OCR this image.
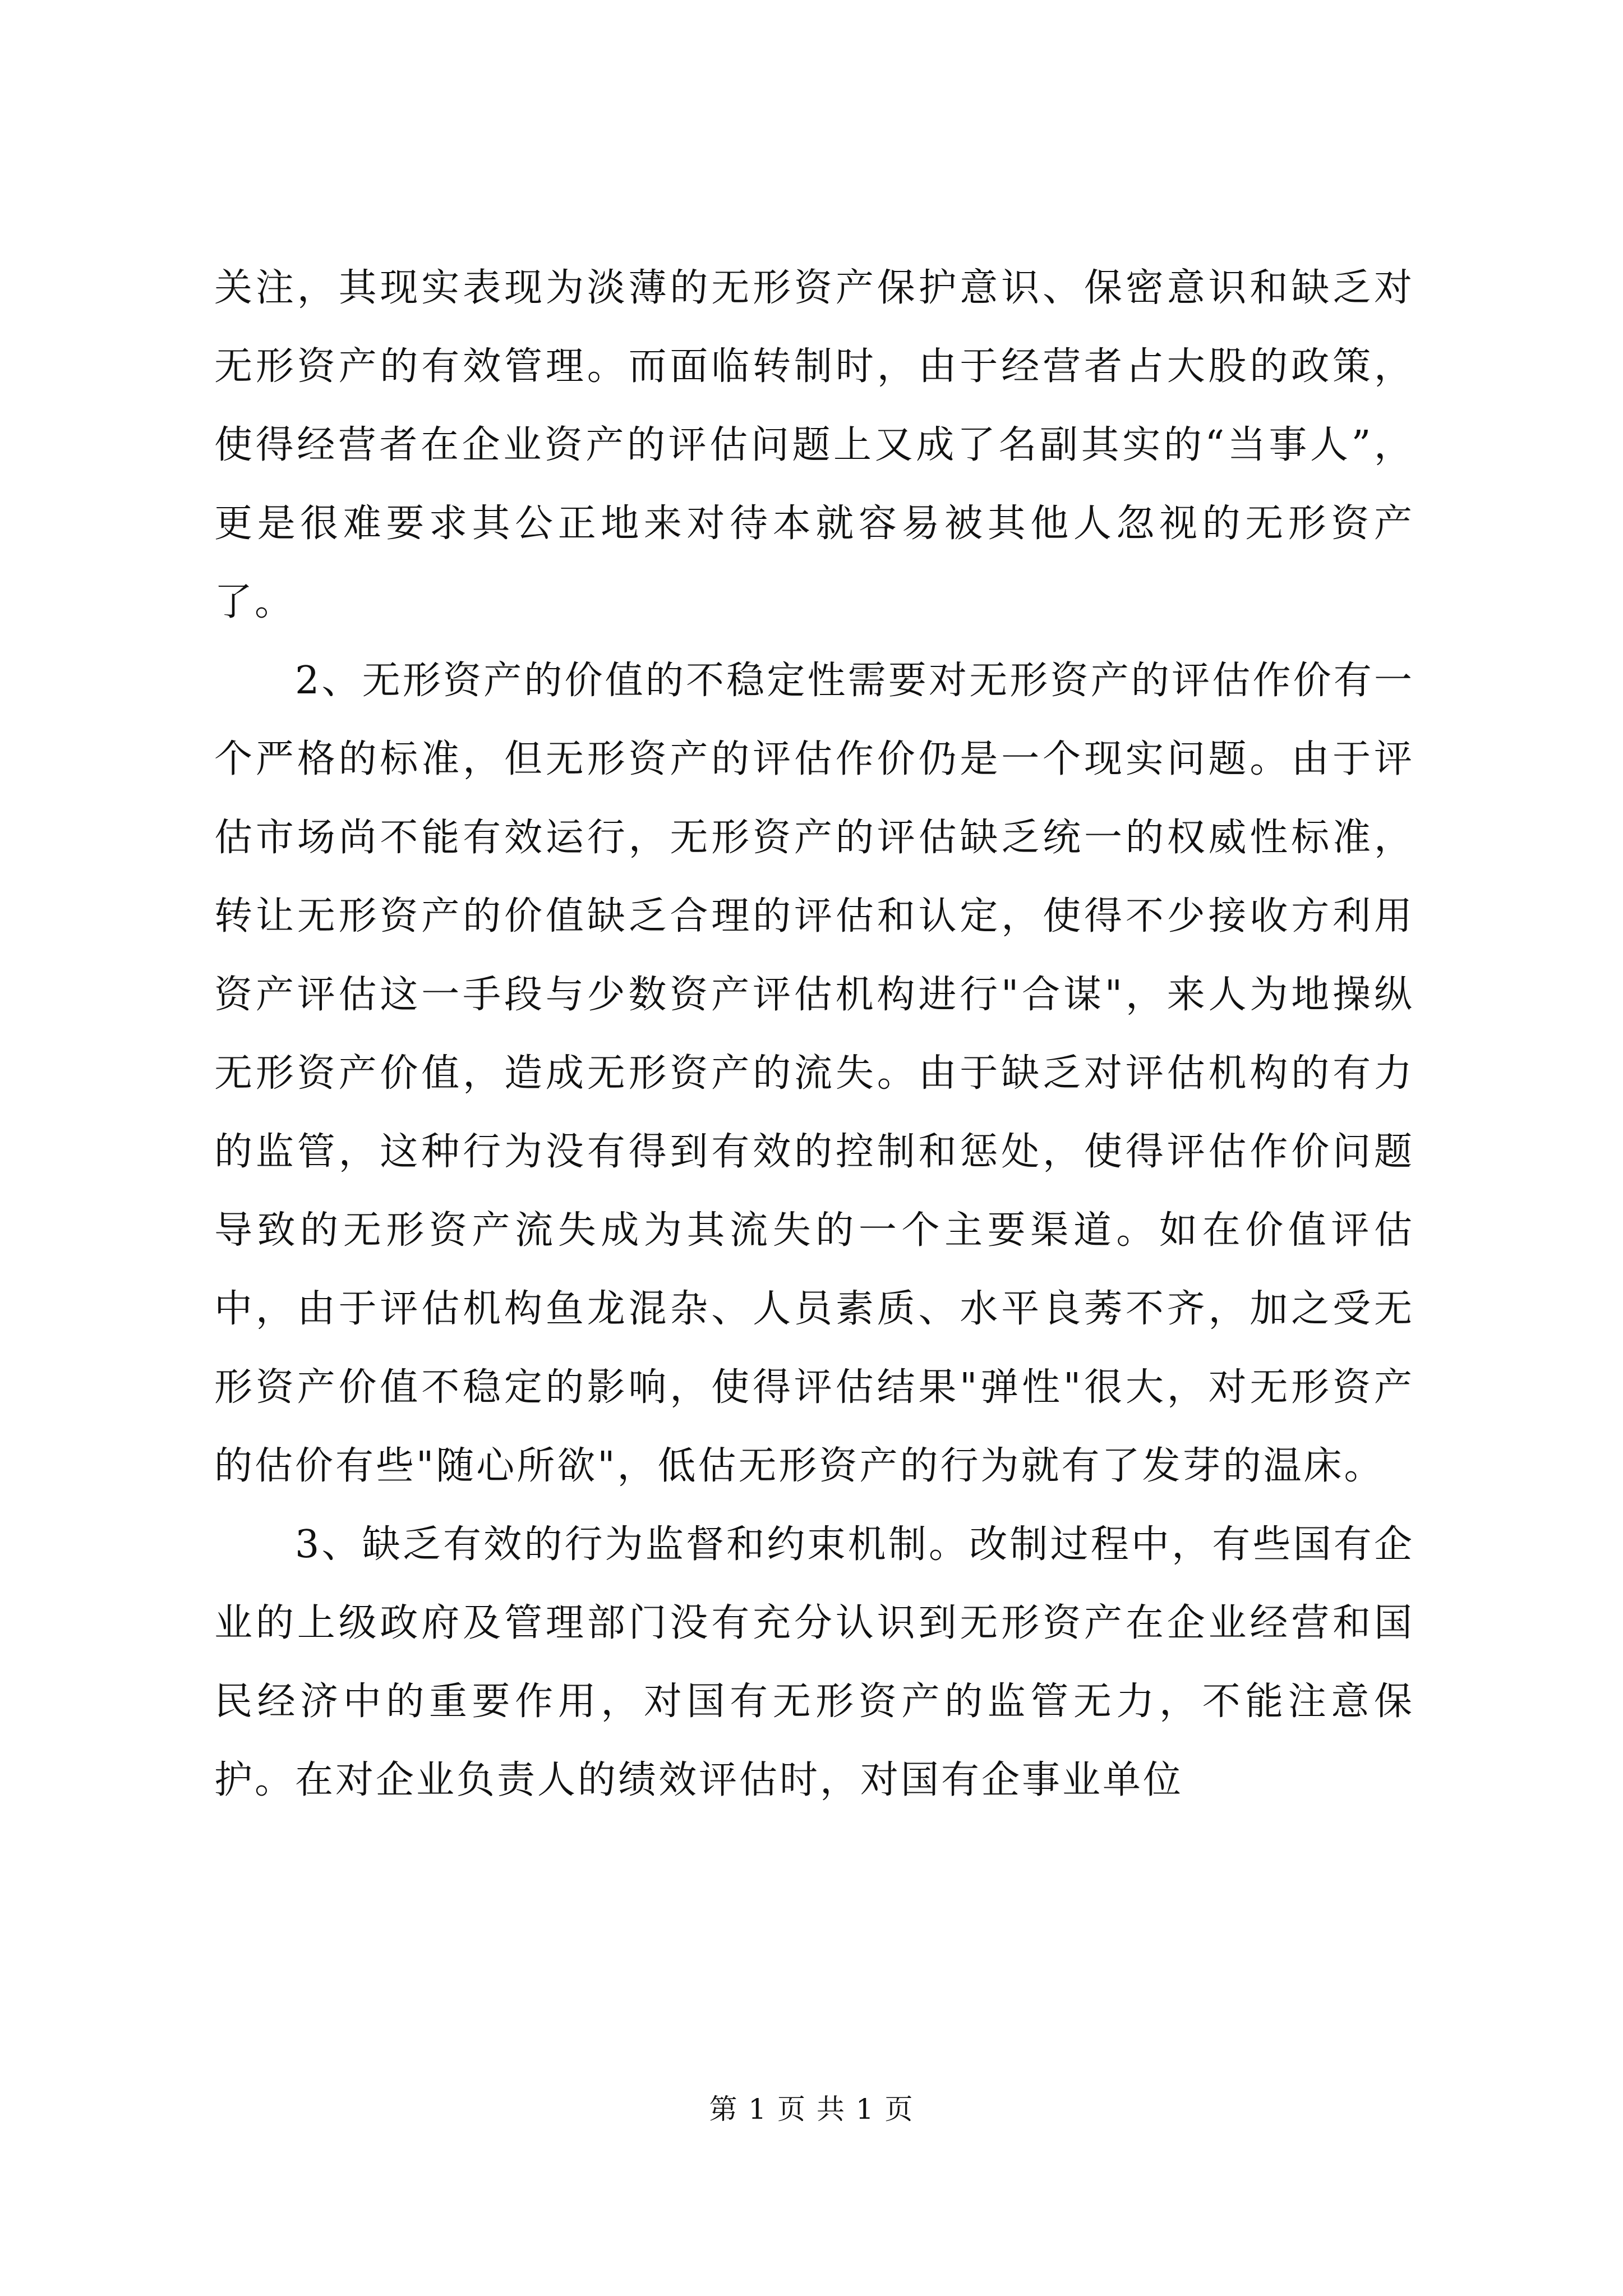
关注，其现实表现为淡薄的无形资产保护意识、保密意识和缺乏对无形资产的有效管理。而面临转制时，由于经营者占大股的政策，使得经营者在企业资产的评估问题上又成了名副其实的“当事人”，更是很难要求其公正地来对待本就容易被其他人忽视的无形资产了。

2、无形资产的价值的不稳定性需要对无形资产的评估作价有一个严格的标准，但无形资产的评估作价仍是一个现实问题。由于评估市场尚不能有效运行，无形资产的评估缺乏统一的权威性标准，转让无形资产的价值缺乏合理的评估和认定，使得不少接收方利用资产评估这一手段与少数资产评估机构进行"合谋"，来人为地操纵无形资产价值，造成无形资产的流失。由于缺乏对评估机构的有力的监管，这种行为没有得到有效的控制和惩处，使得评估作价问题导致的无形资产流失成为其流失的一个主要渠道。如在价值评估中，由于评估机构鱼龙混杂、人员素质、水平良莠不齐，加之受无形资产价值不稳定的影响，使得评估结果"弹性"很大，对无形资产的估价有些"随心所欲"，低估无形资产的行为就有了发芽的温床。

3、缺乏有效的行为监督和约束机制。改制过程中，有些国有企业的上级政府及管理部门没有充分认识到无形资产在企业经营和国民经济中的重要作用，对国有无形资产的监管无力，不能注意保护。在对企业负责人的绩效评估时，对国有企事业单位

第 1 页 共 1 页
